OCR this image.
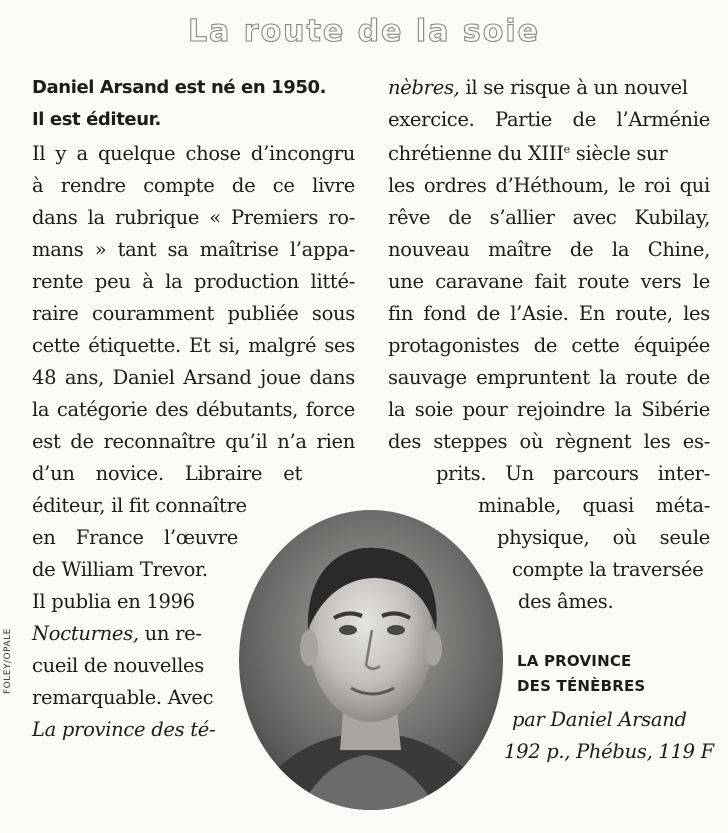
La route de la soie
Daniel Arsand est né en 1950.
Il est éditeur.
Il y a quelque chose d’incongru
à rendre compte de ce livre
dans la rubrique « Premiers ro-
mans » tant sa maîtrise l’appa-
rente peu à la production litté-
raire couramment publiée sous
cette étiquette. Et si, malgré ses
48 ans, Daniel Arsand joue dans
la catégorie des débutants, force
est de reconnaître qu’il n’a rien
d’un novice. Libraire et
éditeur, il fit connaître
en France l’œuvre
de William Trevor.
Il publia en 1996
Nocturnes, un re-
cueil de nouvelles
remarquable. Avec
La province des té-
nèbres, il se risque à un nouvel
exercice. Partie de l’Arménie
chrétienne du XIIIe siècle sur
les ordres d’Héthoum, le roi qui
rêve de s’allier avec Kubilay,
nouveau maître de la Chine,
une caravane fait route vers le
fin fond de l’Asie. En route, les
protagonistes de cette équipée
sauvage empruntent la route de
la soie pour rejoindre la Sibérie
des steppes où règnent les es-
prits. Un parcours inter-
minable, quasi méta-
physique, où seule
compte la traversée
des âmes.
LA PROVINCE
DES TÉNÈBRES
par Daniel Arsand
192 p., Phébus, 119 F
FOLEY/OPALE
